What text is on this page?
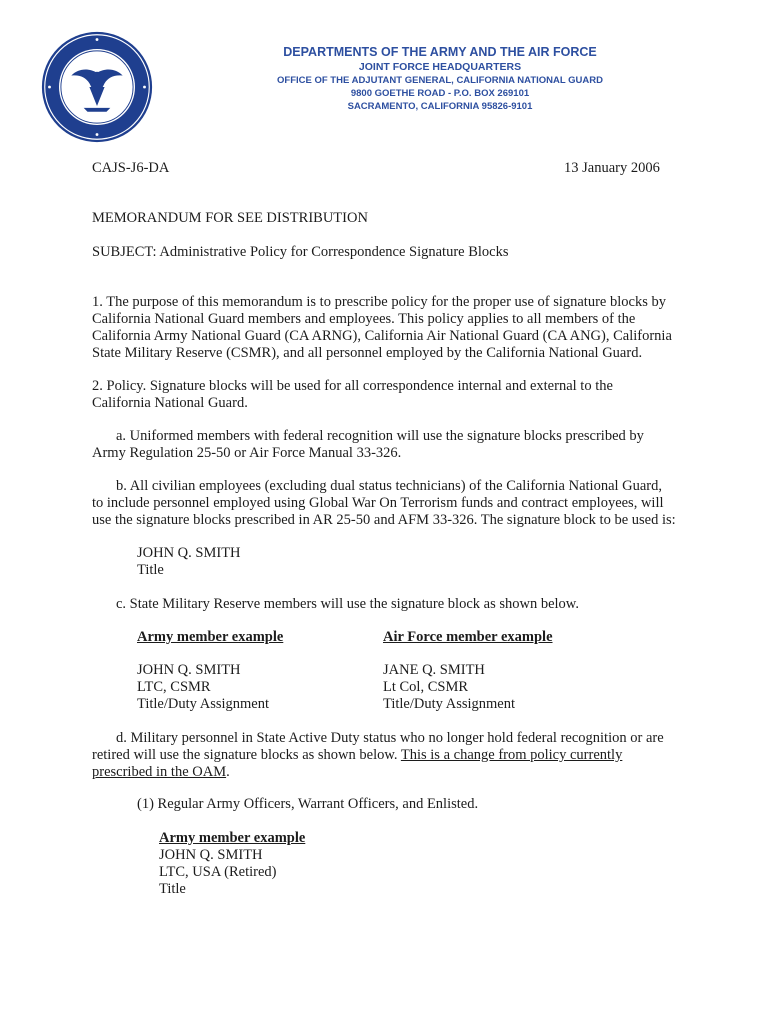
DEPARTMENTS OF THE ARMY AND THE AIR FORCE
JOINT FORCE HEADQUARTERS
OFFICE OF THE ADJUTANT GENERAL, CALIFORNIA NATIONAL GUARD
9800 GOETHE ROAD - P.O. BOX 269101
SACRAMENTO, CALIFORNIA 95826-9101
CAJS-J6-DA	13 January 2006
MEMORANDUM FOR SEE DISTRIBUTION
SUBJECT: Administrative Policy for Correspondence Signature Blocks
1. The purpose of this memorandum is to prescribe policy for the proper use of signature blocks by
California National Guard members and employees. This policy applies to all members of the
California Army National Guard (CA ARNG), California Air National Guard (CA ANG), California
State Military Reserve (CSMR), and all personnel employed by the California National Guard.
2. Policy. Signature blocks will be used for all correspondence internal and external to the
California National Guard.
a. Uniformed members with federal recognition will use the signature blocks prescribed by
Army Regulation 25-50 or Air Force Manual 33-326.
b. All civilian employees (excluding dual status technicians) of the California National Guard,
to include personnel employed using Global War On Terrorism funds and contract employees, will
use the signature blocks prescribed in AR 25-50 and AFM 33-326. The signature block to be used is:
JOHN Q. SMITH
Title
c. State Military Reserve members will use the signature block as shown below.
Army member example	Air Force member example
JOHN Q. SMITH
LTC, CSMR
Title/Duty Assignment
JANE Q. SMITH
Lt Col, CSMR
Title/Duty Assignment
d. Military personnel in State Active Duty status who no longer hold federal recognition or are
retired will use the signature blocks as shown below. This is a change from policy currently
prescribed in the OAM.
(1) Regular Army Officers, Warrant Officers, and Enlisted.
Army member example
JOHN Q. SMITH
LTC, USA (Retired)
Title
